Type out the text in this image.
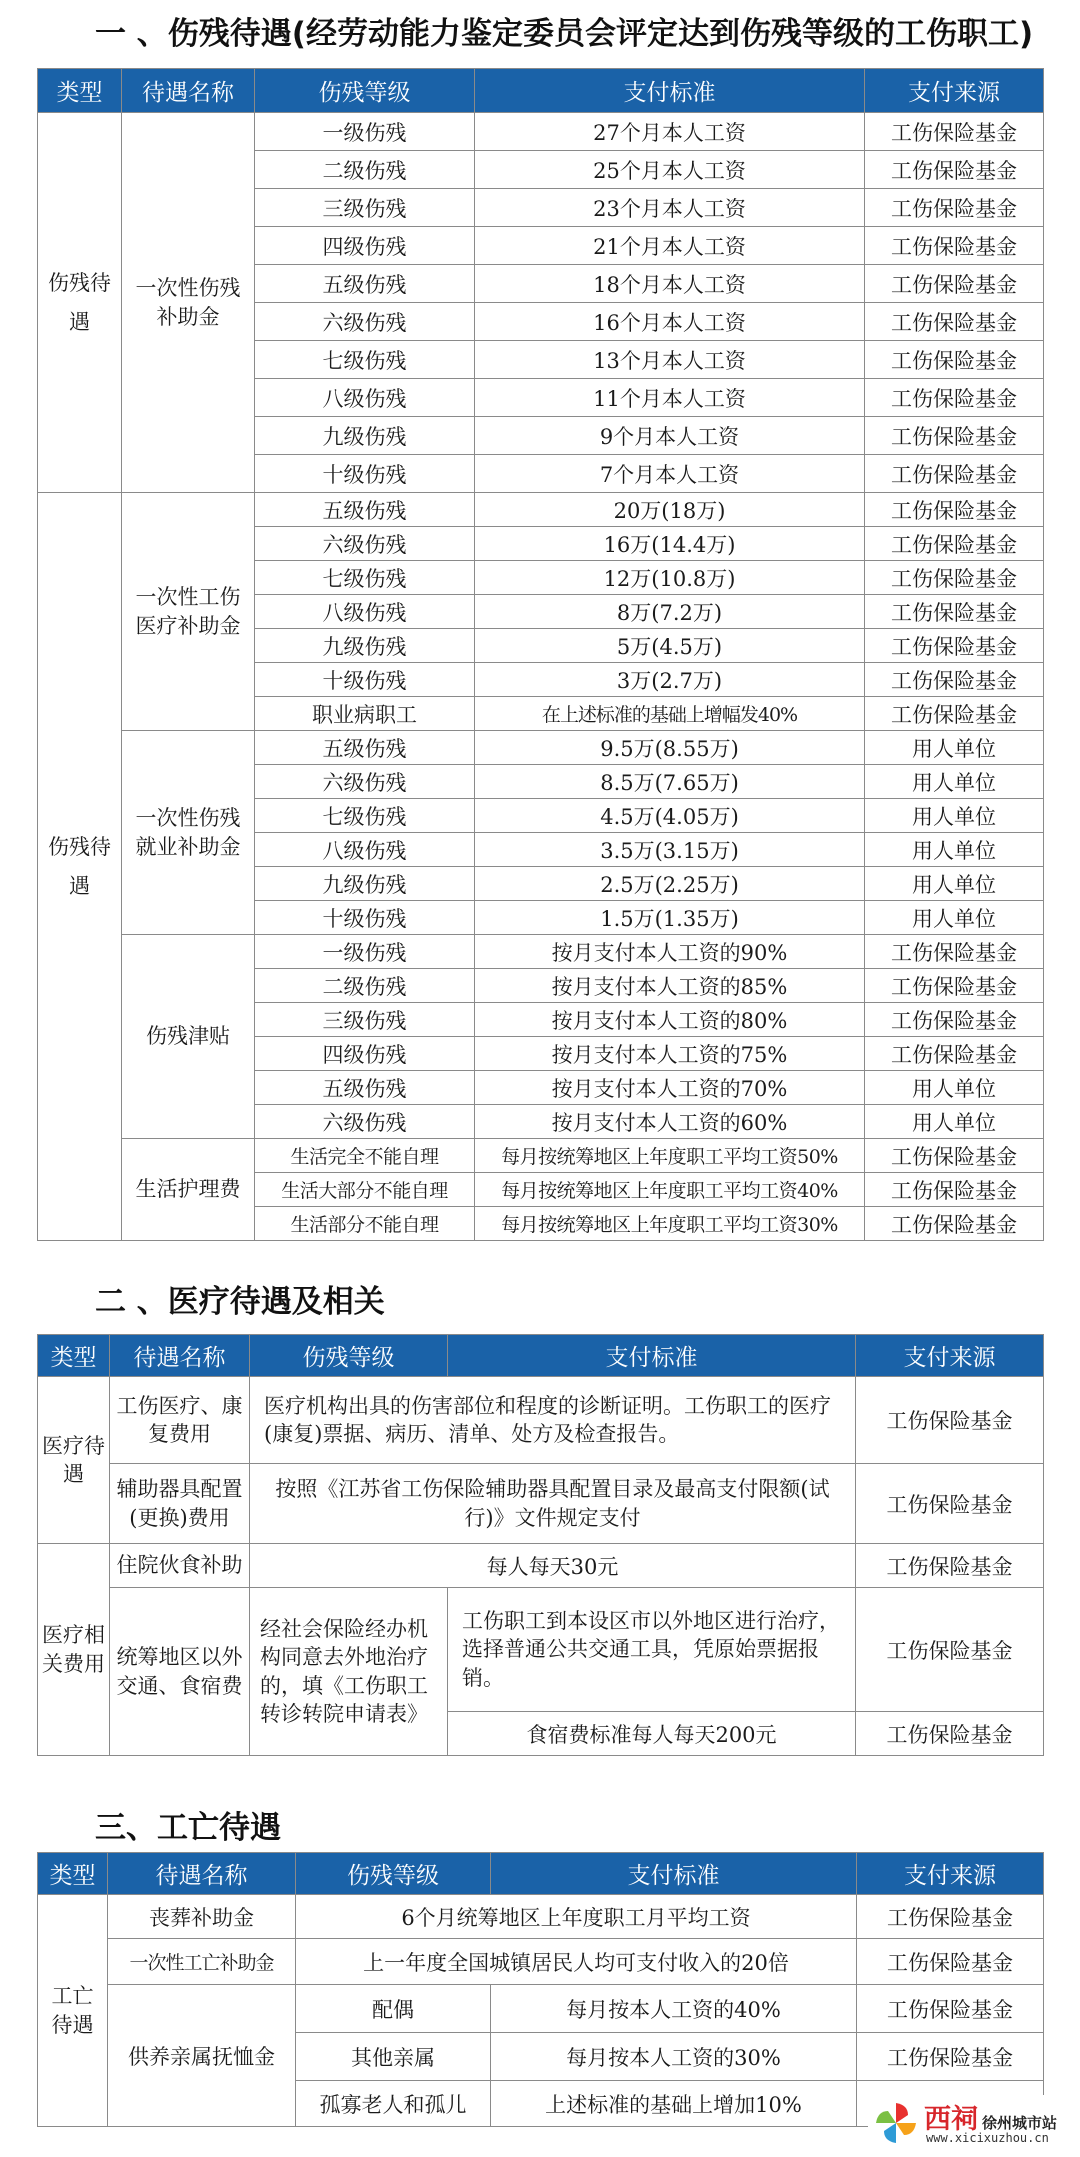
一 、伤残待遇(经劳动能力鉴定委员会评定达到伤残等级的工伤职工)
类型	待遇名称	伤残等级	支付标准	支付来源
伤残待遇	一次性伤残补助金	一级伤残	27个月本人工资	工伤保险基金
		二级伤残	25个月本人工资	工伤保险基金
		三级伤残	23个月本人工资	工伤保险基金
		四级伤残	21个月本人工资	工伤保险基金
		五级伤残	18个月本人工资	工伤保险基金
		六级伤残	16个月本人工资	工伤保险基金
		七级伤残	13个月本人工资	工伤保险基金
		八级伤残	11个月本人工资	工伤保险基金
		九级伤残	9个月本人工资	工伤保险基金
		十级伤残	7个月本人工资	工伤保险基金
伤残待遇	一次性工伤医疗补助金	五级伤残	20万(18万)	工伤保险基金
		六级伤残	16万(14.4万)	工伤保险基金
		七级伤残	12万(10.8万)	工伤保险基金
		八级伤残	8万(7.2万)	工伤保险基金
		九级伤残	5万(4.5万)	工伤保险基金
		十级伤残	3万(2.7万)	工伤保险基金
		职业病职工	在上述标准的基础上增幅发40%	工伤保险基金
	一次性伤残就业补助金	五级伤残	9.5万(8.55万)	用人单位
		六级伤残	8.5万(7.65万)	用人单位
		七级伤残	4.5万(4.05万)	用人单位
		八级伤残	3.5万(3.15万)	用人单位
		九级伤残	2.5万(2.25万)	用人单位
		十级伤残	1.5万(1.35万)	用人单位
	伤残津贴	一级伤残	按月支付本人工资的90%	工伤保险基金
		二级伤残	按月支付本人工资的85%	工伤保险基金
		三级伤残	按月支付本人工资的80%	工伤保险基金
		四级伤残	按月支付本人工资的75%	工伤保险基金
		五级伤残	按月支付本人工资的70%	用人单位
		六级伤残	按月支付本人工资的60%	用人单位
	生活护理费	生活完全不能自理	每月按统筹地区上年度职工平均工资50%	工伤保险基金
		生活大部分不能自理	每月按统筹地区上年度职工平均工资40%	工伤保险基金
		生活部分不能自理	每月按统筹地区上年度职工平均工资30%	工伤保险基金
二 、医疗待遇及相关
类型	待遇名称	伤残等级	支付标准	支付来源
医疗待遇	工伤医疗、康复费用	医疗机构出具的伤害部位和程度的诊断证明。工伤职工的医疗(康复)票据、病历、清单、处方及检查报告。		工伤保险基金
	辅助器具配置(更换)费用	按照《江苏省工伤保险辅助器具配置目录及最高支付限额(试行)》文件规定支付		工伤保险基金
医疗相关费用	住院伙食补助	每人每天30元		工伤保险基金
	统筹地区以外交通、食宿费	经社会保险经办机构同意去外地治疗的，填《工伤职工转诊转院申请表》	工伤职工到本设区市以外地区进行治疗，选择普通公共交通工具，凭原始票据报销。	工伤保险基金
			食宿费标准每人每天200元	工伤保险基金
三、工亡待遇
类型	待遇名称	伤残等级	支付标准	支付来源
工亡待遇	丧葬补助金	6个月统筹地区上年度职工月平均工资		工伤保险基金
	一次性工亡补助金	上一年度全国城镇居民人均可支付收入的20倍		工伤保险基金
	供养亲属抚恤金	配偶	每月按本人工资的40%	工伤保险基金
		其他亲属	每月按本人工资的30%	工伤保险基金
		孤寡老人和孤儿	上述标准的基础上增加10%		西祠 徐州城市站
www.xicixuzhou.cn
